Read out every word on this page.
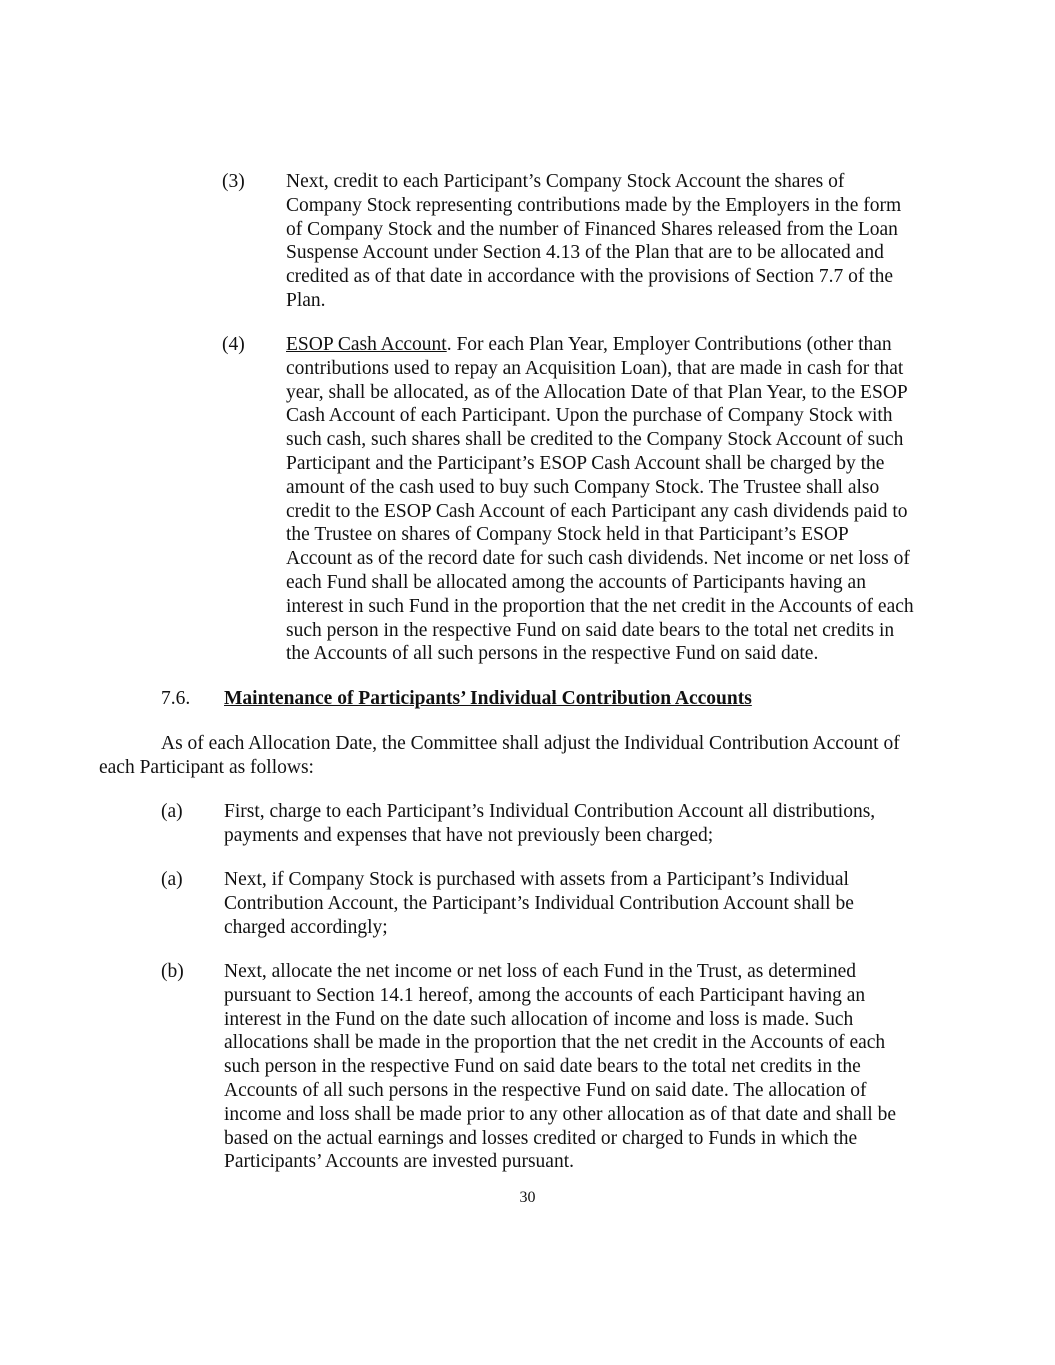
(3) Next, credit to each Participant’s Company Stock Account the shares of
Company Stock representing contributions made by the Employers in the form
of Company Stock and the number of Financed Shares released from the Loan
Suspense Account under Section 4.13 of the Plan that are to be allocated and
credited as of that date in accordance with the provisions of Section 7.7 of the
Plan.
(4) ESOP Cash Account. For each Plan Year, Employer Contributions (other than
contributions used to repay an Acquisition Loan), that are made in cash for that
year, shall be allocated, as of the Allocation Date of that Plan Year, to the ESOP
Cash Account of each Participant. Upon the purchase of Company Stock with
such cash, such shares shall be credited to the Company Stock Account of such
Participant and the Participant’s ESOP Cash Account shall be charged by the
amount of the cash used to buy such Company Stock. The Trustee shall also
credit to the ESOP Cash Account of each Participant any cash dividends paid to
the Trustee on shares of Company Stock held in that Participant’s ESOP
Account as of the record date for such cash dividends. Net income or net loss of
each Fund shall be allocated among the accounts of Participants having an
interest in such Fund in the proportion that the net credit in the Accounts of each
such person in the respective Fund on said date bears to the total net credits in
the Accounts of all such persons in the respective Fund on said date.
7.6. Maintenance of Participants’ Individual Contribution Accounts
As of each Allocation Date, the Committee shall adjust the Individual Contribution Account of
each Participant as follows:
(a) First, charge to each Participant’s Individual Contribution Account all distributions,
payments and expenses that have not previously been charged;
(a) Next, if Company Stock is purchased with assets from a Participant’s Individual
Contribution Account, the Participant’s Individual Contribution Account shall be
charged accordingly;
(b) Next, allocate the net income or net loss of each Fund in the Trust, as determined
pursuant to Section 14.1 hereof, among the accounts of each Participant having an
interest in the Fund on the date such allocation of income and loss is made. Such
allocations shall be made in the proportion that the net credit in the Accounts of each
such person in the respective Fund on said date bears to the total net credits in the
Accounts of all such persons in the respective Fund on said date. The allocation of
income and loss shall be made prior to any other allocation as of that date and shall be
based on the actual earnings and losses credited or charged to Funds in which the
Participants’ Accounts are invested pursuant.
30
